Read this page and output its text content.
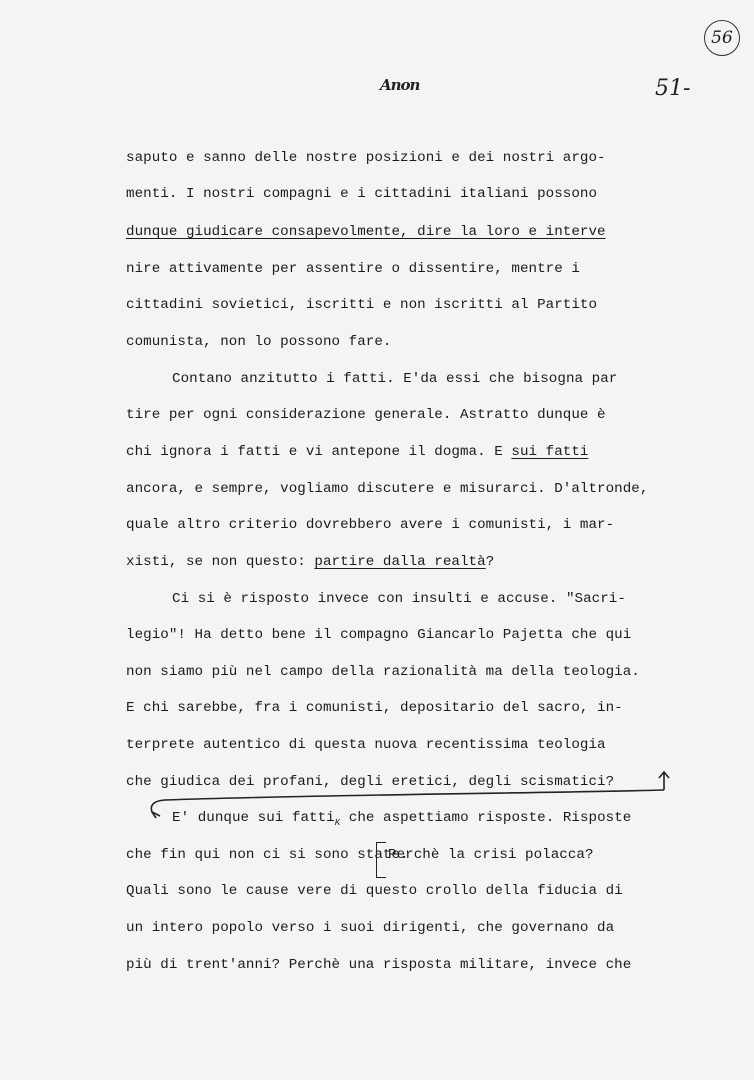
56
Anon	51-
saputo e sanno delle nostre posizioni e dei nostri argo-
menti. I nostri compagni e i cittadini italiani possono
dunque giudicare consapevolmente, dire la loro e interve
nire attivamente per assentire o dissentire, mentre i
cittadini sovietici, iscritti e non iscritti al Partito
comunista, non lo possono fare.
Contano anzitutto i fatti. E'da essi che bisogna par
tire per ogni considerazione generale. Astratto dunque è
chi ignora i fatti e vi antepone il dogma. E sui fatti
ancora, e sempre, vogliamo discutere e misurarci. D'altronde,
quale altro criterio dovrebbero avere i comunisti, i mar-
xisti, se non questo: partire dalla realtà?
Ci si è risposto invece con insulti e accuse. "Sacri-
legio"! Ha detto bene il compagno Giancarlo Pajetta che qui
non siamo più nel campo della razionalità ma della teologia.
E chi sarebbe, fra i comunisti, depositario del sacro, in-
terprete autentico di questa nuova recentissima teologia
che giudica dei profani, degli eretici, degli scismatici?
E' dunque sui fatti$_K$ che aspettiamo risposte. Risposte
che fin qui non ci si sono state.
Perchè la crisi polacca?
Quali sono le cause vere di questo crollo della fiducia di
un intero popolo verso i suoi dirigenti, che governano da
più di trent'anni? Perchè una risposta militare, invece che
